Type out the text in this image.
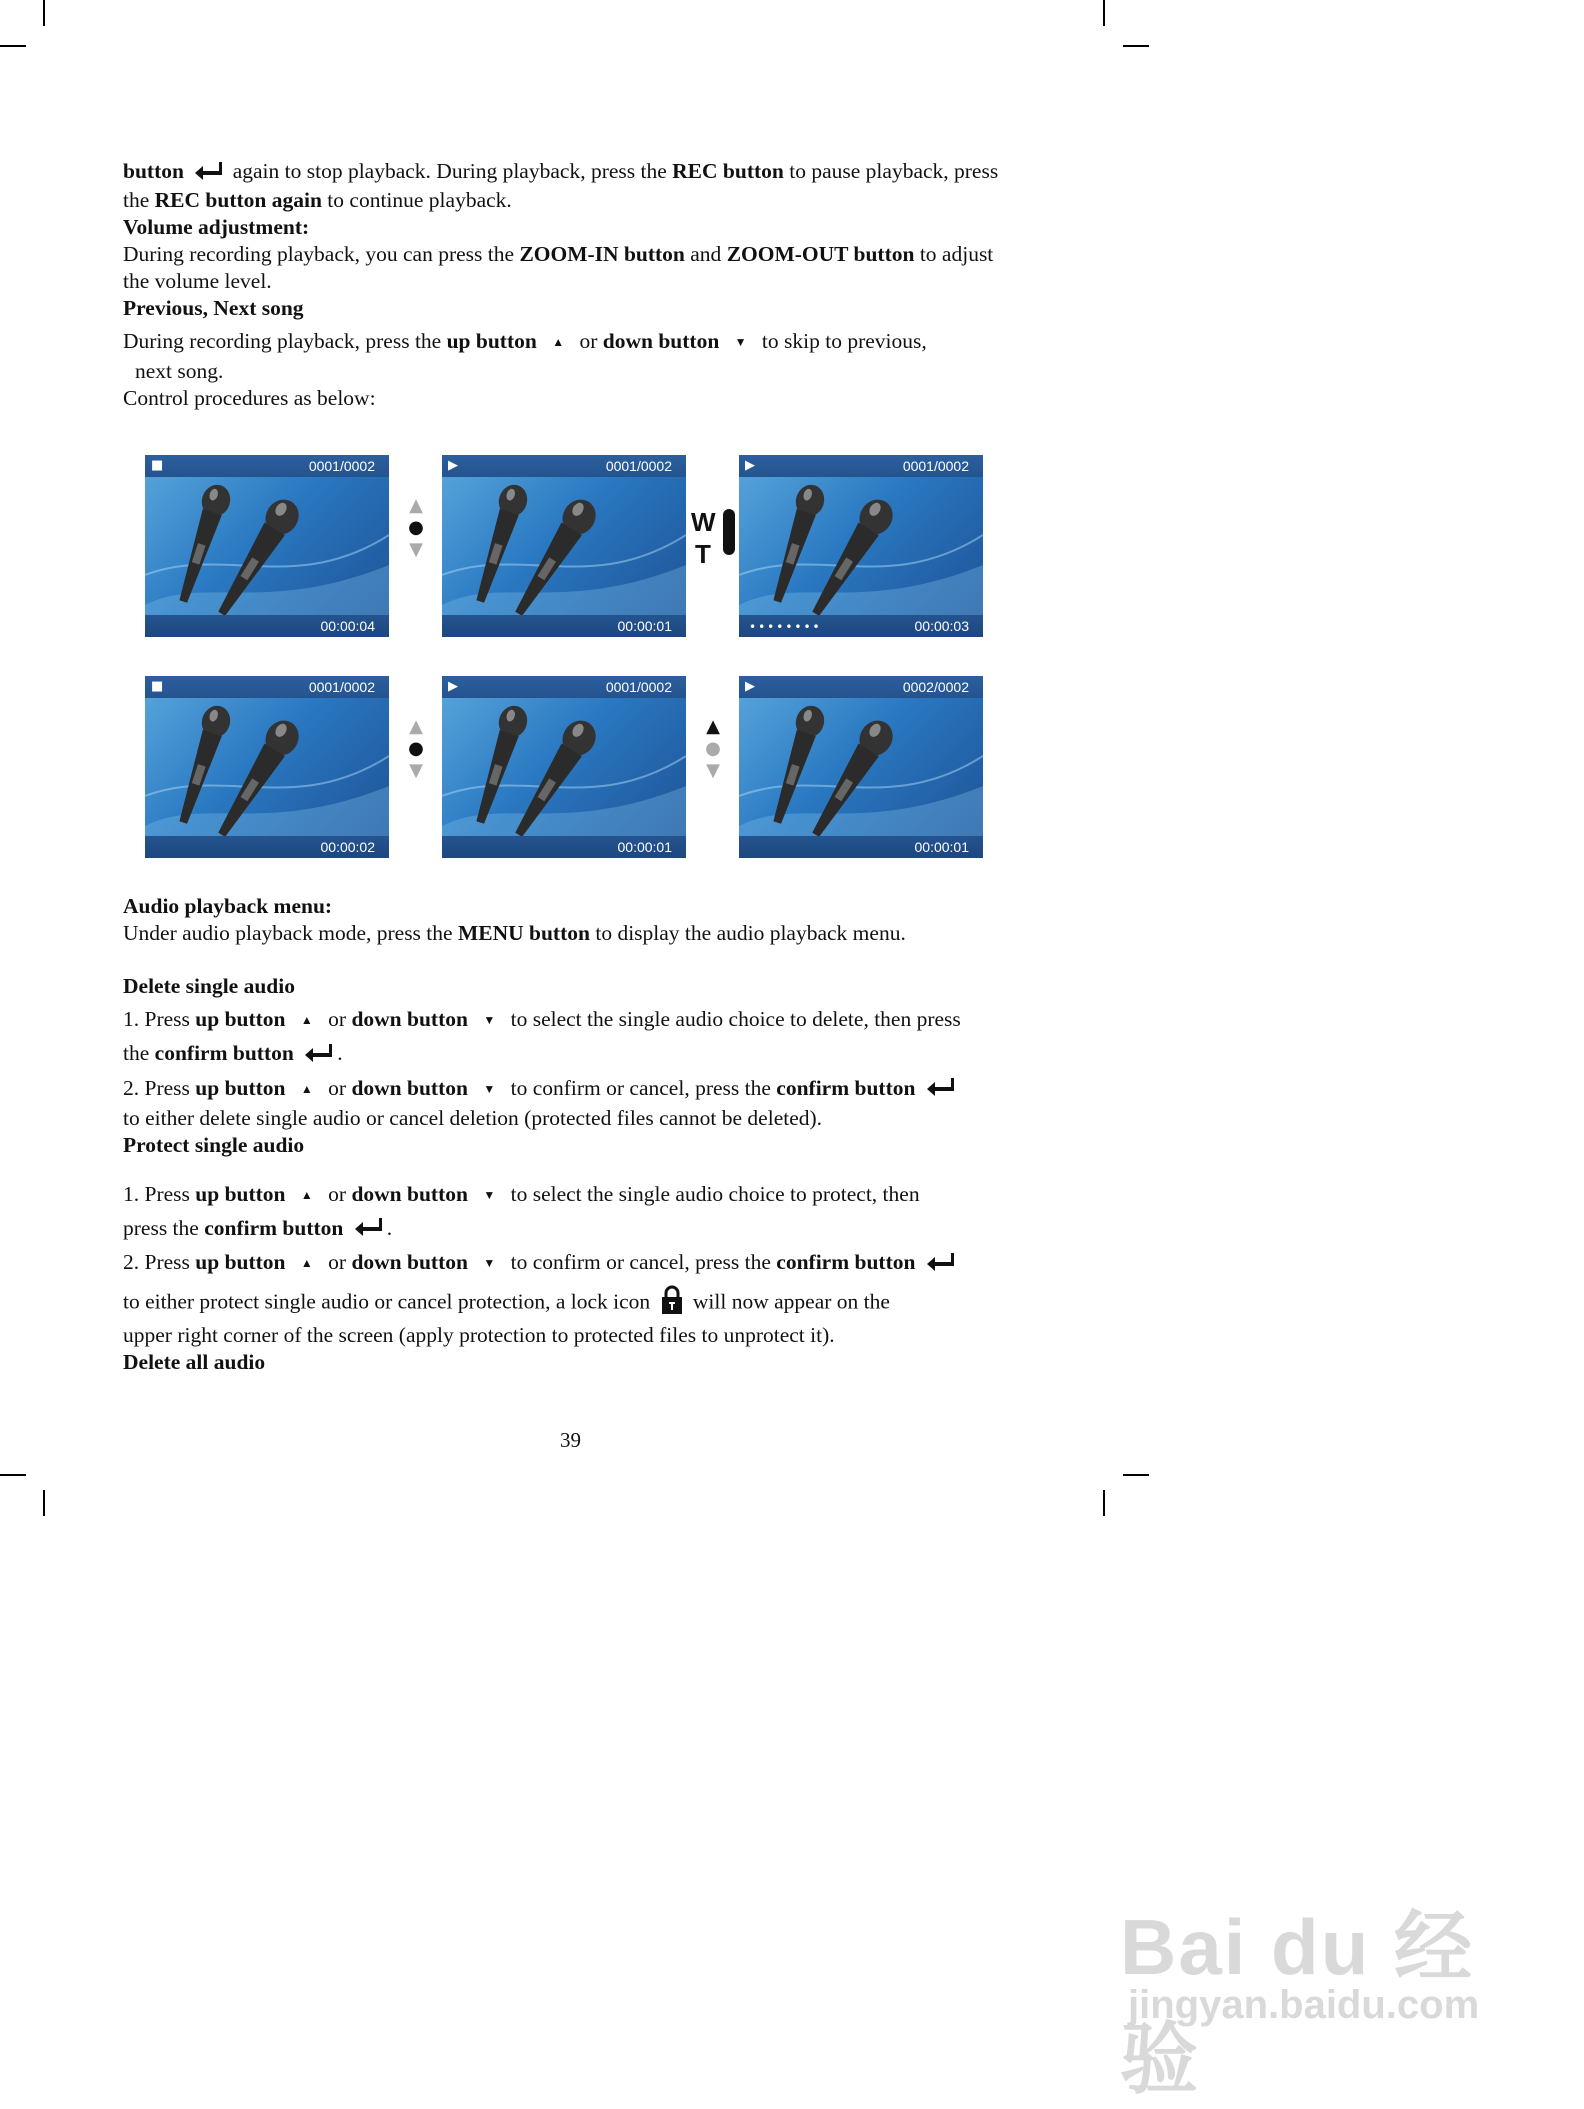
button again to stop playback. During playback, press the REC button to pause playback, press the REC button again to continue playback.

Volume adjustment:

During recording playback, you can press the ZOOM-IN button and ZOOM-OUT button to adjust the volume level.

Previous, Next song

During recording playback, press the up button ▲ or down button ▼ to skip to previous,

next song.

Control procedures as below:

■	0001/0002
00:00:04
▶	0001/0002
00:00:01
▶	0001/0002
00:00:03
••••••••
▲
●
▼
W
T
■	0001/0002
00:00:02
▶	0001/0002
00:00:01
▶	0002/0002
00:00:01
▲
●
▼
▲
●
▼

Audio playback menu:

Under audio playback mode, press the MENU button to display the audio playback menu.

Delete single audio

1. Press up button ▲ or down button ▼ to select the single audio choice to delete, then press

the confirm button .

2. Press up button ▲ or down button ▼ to confirm or cancel, press the confirm button

to either delete single audio or cancel deletion (protected files cannot be deleted).

Protect single audio

1. Press up button ▲ or down button ▼ to select the single audio choice to protect, then

press the confirm button .

2. Press up button ▲ or down button ▼ to confirm or cancel, press the confirm button

to either protect single audio or cancel protection, a lock icon will now appear on the

upper right corner of the screen (apply protection to protected files to unprotect it).

Delete all audio

39
Bai du 经验
jingyan.baidu.com
